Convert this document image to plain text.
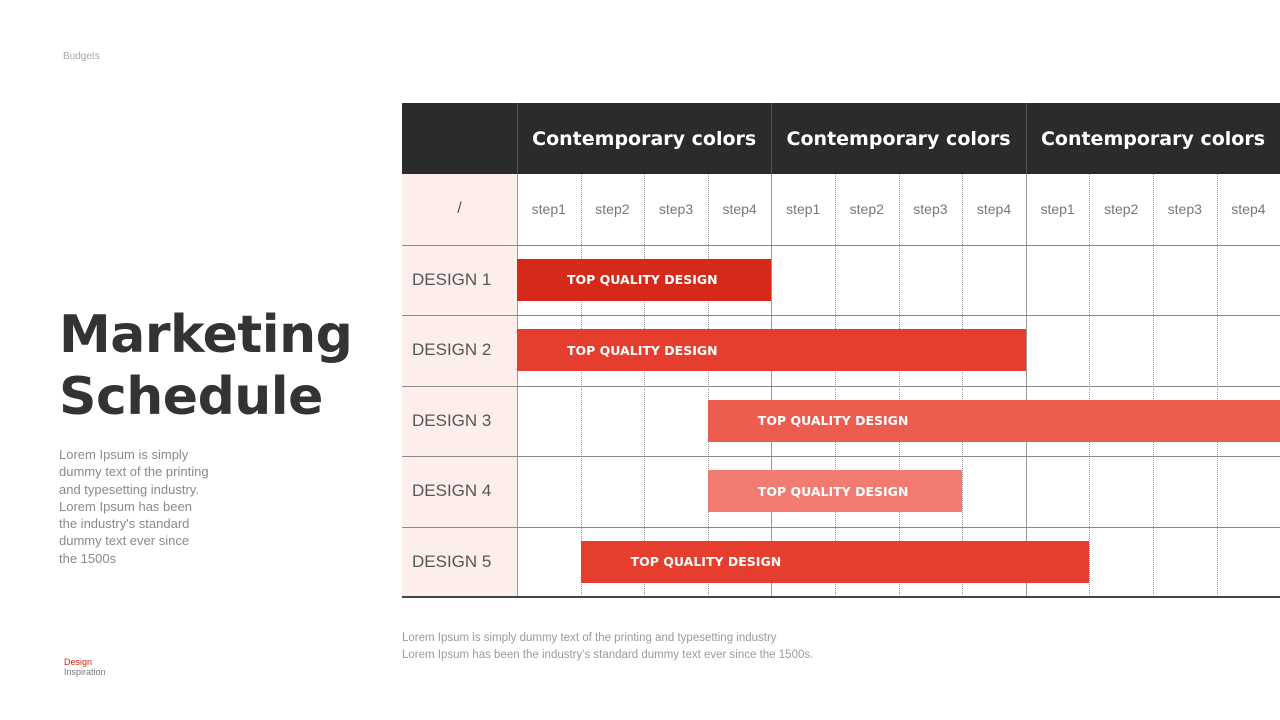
Budgets
Marketing
Schedule
Lorem Ipsum is simply dummy text of the printing and typesetting industry. Lorem Ipsum has been the industry's standard dummy text ever since the 1500s
Design
Inspiration
Contemporary colors	Contemporary colors	Contemporary colors
/	step1	step2	step3	step4	step1	step2	step3	step4	step1	step2	step3	step4
DESIGN 1	TOP QUALITY DESIGN
DESIGN 2	TOP QUALITY DESIGN
DESIGN 3	TOP QUALITY DESIGN
DESIGN 4	TOP QUALITY DESIGN
DESIGN 5	TOP QUALITY DESIGN
Lorem Ipsum is simply dummy text of the printing and typesetting industry
Lorem Ipsum has been the industry's standard dummy text ever since the 1500s.
